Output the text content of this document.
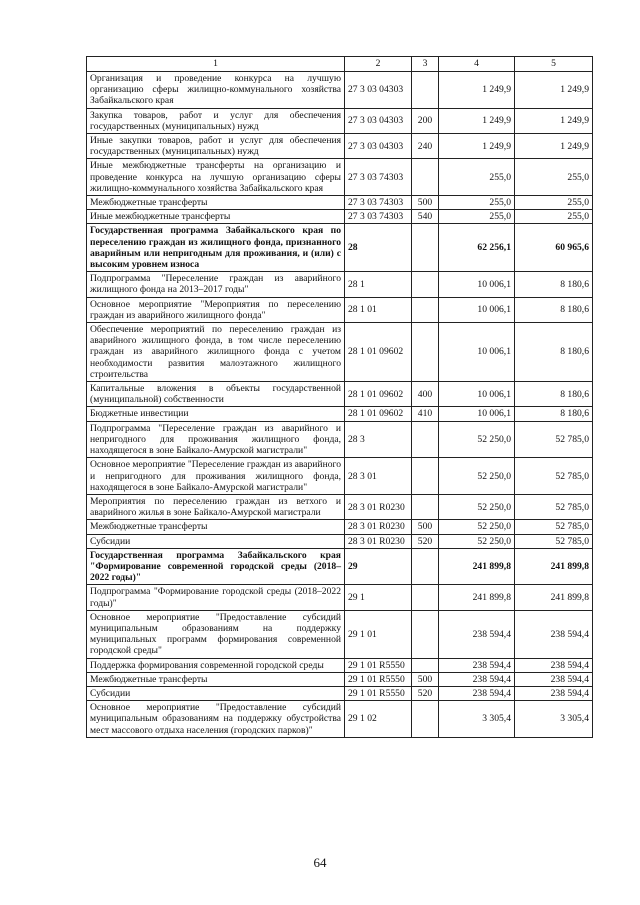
1	2	3	4	5
Организация и проведение конкурса на лучшую организацию сферы жилищно-коммунального хозяйства Забайкальского края	27 3 03 04303		1 249,9	1 249,9
Закупка товаров, работ и услуг для обеспечения государственных (муниципальных) нужд	27 3 03 04303	200	1 249,9	1 249,9
Иные закупки товаров, работ и услуг для обеспечения государственных (муниципальных) нужд	27 3 03 04303	240	1 249,9	1 249,9
Иные межбюджетные трансферты на организацию и проведение конкурса на лучшую организацию сферы жилищно-коммунального хозяйства Забайкальского края	27 3 03 74303		255,0	255,0
Межбюджетные трансферты	27 3 03 74303	500	255,0	255,0
Иные межбюджетные трансферты	27 3 03 74303	540	255,0	255,0
Государственная программа Забайкальского края по переселению граждан из жилищного фонда, признанного аварийным или непригодным для проживания, и (или) с высоким уровнем износа	28		62 256,1	60 965,6
Подпрограмма "Переселение граждан из аварийного жилищного фонда на 2013–2017 годы"	28 1		10 006,1	8 180,6
Основное мероприятие "Мероприятия по переселению граждан из аварийного жилищного фонда"	28 1 01		10 006,1	8 180,6
Обеспечение мероприятий по переселению граждан из аварийного жилищного фонда, в том числе переселению граждан из аварийного жилищного фонда с учетом необходимости развития малоэтажного жилищного строительства	28 1 01 09602		10 006,1	8 180,6
Капитальные вложения в объекты государственной (муниципальной) собственности	28 1 01 09602	400	10 006,1	8 180,6
Бюджетные инвестиции	28 1 01 09602	410	10 006,1	8 180,6
Подпрограмма "Переселение граждан из аварийного и непригодного для проживания жилищного фонда, находящегося в зоне Байкало-Амурской магистрали"	28 3		52 250,0	52 785,0
Основное мероприятие "Переселение граждан из аварийного и непригодного для проживания жилищного фонда, находящегося в зоне Байкало-Амурской магистрали"	28 3 01		52 250,0	52 785,0
Мероприятия по переселению граждан из ветхого и аварийного жилья в зоне Байкало-Амурской магистрали	28 3 01 R0230		52 250,0	52 785,0
Межбюджетные трансферты	28 3 01 R0230	500	52 250,0	52 785,0
Субсидии	28 3 01 R0230	520	52 250,0	52 785,0
Государственная программа Забайкальского края "Формирование современной городской среды (2018–2022 годы)"	29		241 899,8	241 899,8
Подпрограмма "Формирование городской среды (2018–2022 годы)"	29 1		241 899,8	241 899,8
Основное мероприятие "Предоставление субсидий муниципальным образованиям на поддержку муниципальных программ формирования современной городской среды"	29 1 01		238 594,4	238 594,4
Поддержка формирования современной городской среды	29 1 01 R5550		238 594,4	238 594,4
Межбюджетные трансферты	29 1 01 R5550	500	238 594,4	238 594,4
Субсидии	29 1 01 R5550	520	238 594,4	238 594,4
Основное мероприятие "Предоставление субсидий муниципальным образованиям на поддержку обустройства мест массового отдыха населения (городских парков)"	29 1 02		3 305,4	3 305,4
64
